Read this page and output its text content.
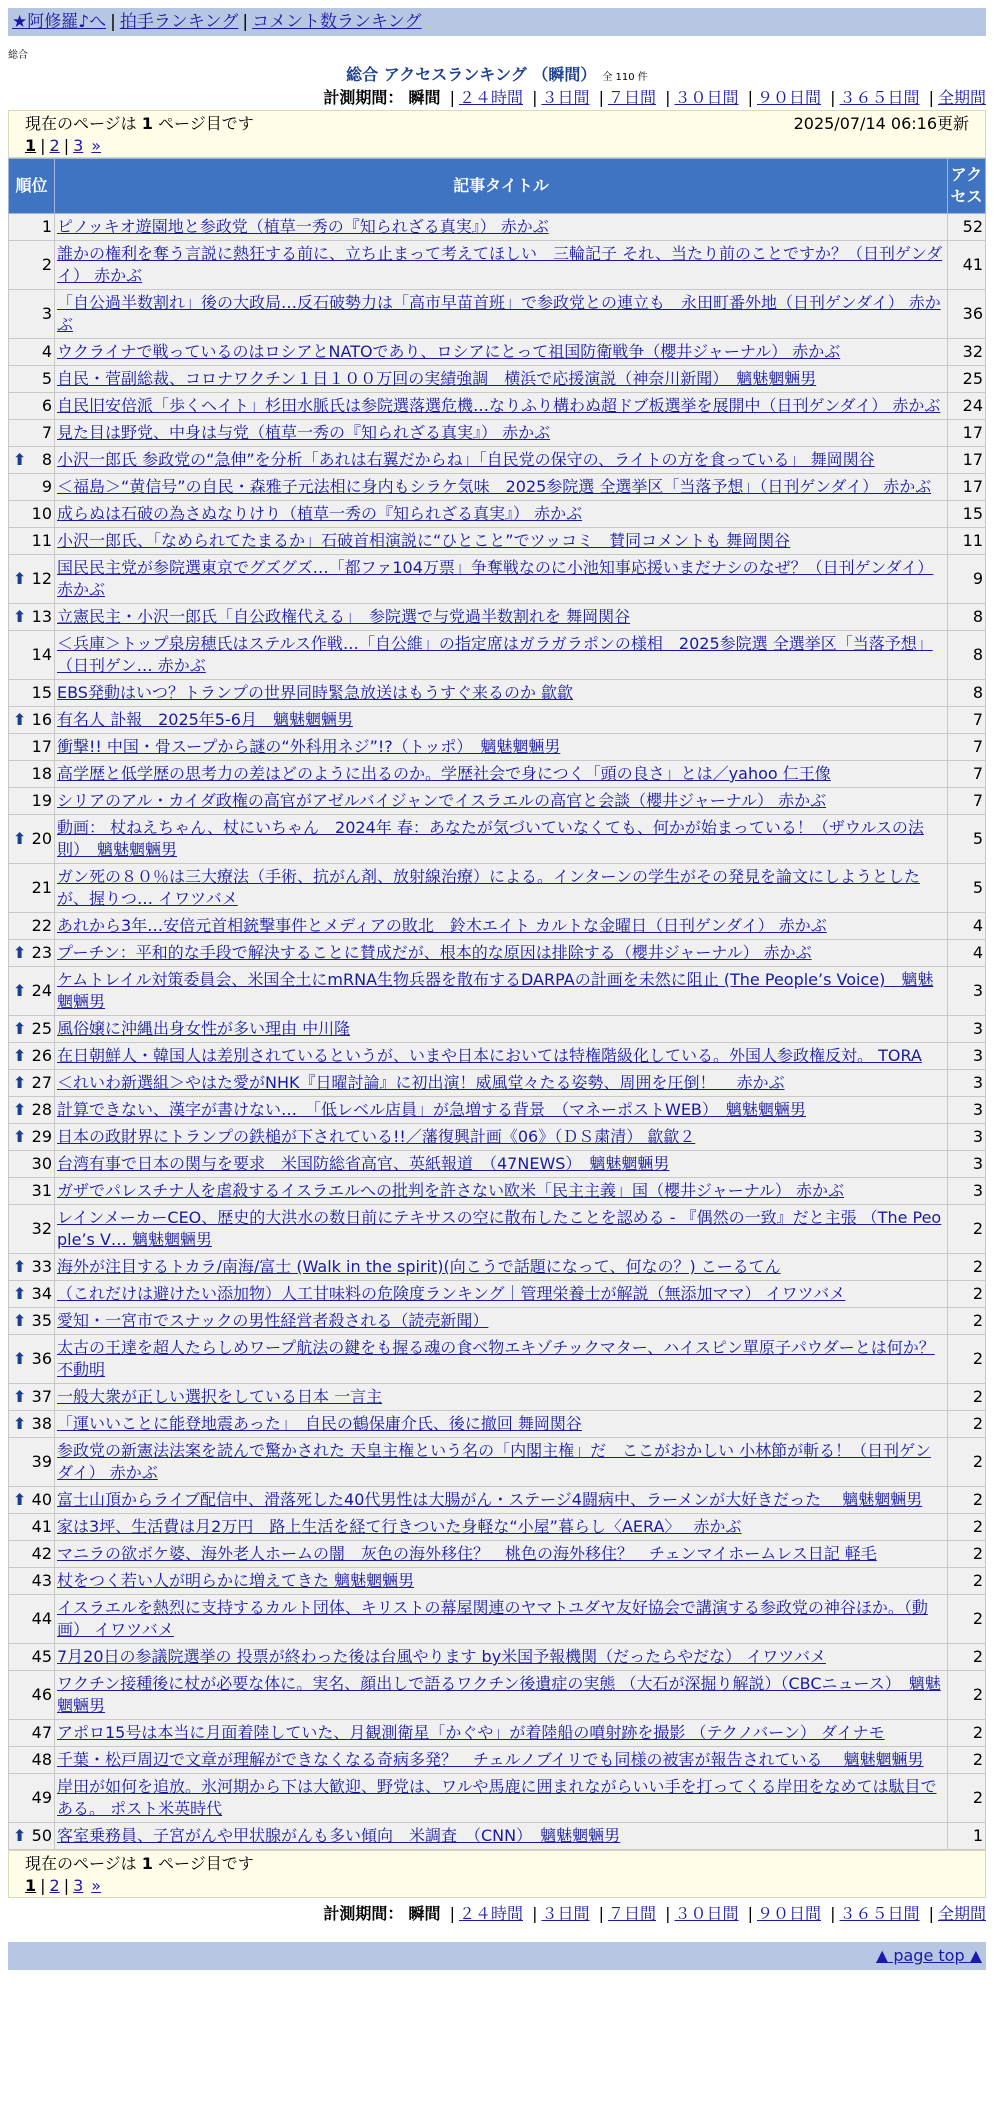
★阿修羅♪へ | 拍手ランキング | コメント数ランキング
総合
総合 アクセスランキング （瞬間） 全 110 件
計測期間： 瞬間 | ２４時間 | ３日間 | ７日間 | ３０日間 | ９０日間 | ３６５日間 | 全期間
現在のページは 1 ページ目です	2025/07/14 06:16更新
1 | 2 | 3 »
順位	記事タイトル	アクセス
1	ピノッキオ遊園地と参政党（植草一秀の『知られざる真実』） 赤かぶ	52
2	誰かの権利を奪う言説に熱狂する前に、立ち止まって考えてほしい　三輪記子 それ、当たり前のことですか？（日刊ゲンダイ） 赤かぶ	41
3	「自公過半数割れ」後の大政局…反石破勢力は「高市早苗首班」で参政党との連立も　永田町番外地（日刊ゲンダイ） 赤かぶ	36
4	ウクライナで戦っているのはロシアとNATOであり、ロシアにとって祖国防衛戦争（櫻井ジャーナル） 赤かぶ	32
5	自民・菅副総裁、コロナワクチン１日１００万回の実績強調　横浜で応援演説（神奈川新聞）　魑魅魍魎男	25
6	自民旧安倍派「歩くヘイト」杉田水脈氏は参院選落選危機…なりふり構わぬ超ドブ板選挙を展開中（日刊ゲンダイ） 赤かぶ	24
7	見た目は野党、中身は与党（植草一秀の『知られざる真実』） 赤かぶ	17

⬆ 8	小沢一郎氏 参政党の“急伸”を分析「あれは右翼だからね」「自民党の保守の、ライトの方を食っている」 舞岡関谷	17
9	＜福島＞“黄信号”の自民・森雅子元法相に身内もシラケ気味　2025参院選 全選挙区「当落予想」（日刊ゲンダイ） 赤かぶ	17
10	成らぬは石破の為さぬなりけり（植草一秀の『知られざる真実』） 赤かぶ	15
11	小沢一郎氏、「なめられてたまるか」石破首相演説に“ひとこと”でツッコミ　賛同コメントも 舞岡関谷	11

⬆ 12	国民民主党が参院選東京でグズグズ…「都ファ104万票」争奪戦なのに小池知事応援いまだナシのなぜ？（日刊ゲンダイ） 赤かぶ	9

⬆ 13	立憲民主・小沢一郎氏「自公政権代える」　参院選で与党過半数割れを 舞岡関谷	8
14	＜兵庫＞トップ泉房穂氏はステルス作戦…「自公維」の指定席はガラガラポンの様相　2025参院選 全選挙区「当落予想」（日刊ゲン… 赤かぶ	8
15	EBS発動はいつ？トランプの世界同時緊急放送はもうすぐ来るのか 歙歙	8

⬆ 16	有名人 訃報　2025年5-6月　魑魅魍魎男	7
17	衝撃!! 中国・骨スープから謎の“外科用ネジ”!?（トッポ）　魑魅魍魎男	7
18	高学歴と低学歴の思考力の差はどのように出るのか。学歴社会で身につく「頭の良さ」とは／yahoo 仁王像	7
19	シリアのアル・カイダ政権の高官がアゼルバイジャンでイスラエルの高官と会談（櫻井ジャーナル） 赤かぶ	7

⬆ 20	動画： 杖ねえちゃん、杖にいちゃん　2024年 春：あなたが気づいていなくても、何かが始まっている！（ザウルスの法則）　魑魅魍魎男	5
21	ガン死の８０％は三大療法（手術、抗がん剤、放射線治療）による。インターンの学生がその発見を論文にしようとしたが、握りつ… イワツバメ	5
22	あれから3年…安倍元首相銃撃事件とメディアの敗北　鈴木エイト カルトな金曜日（日刊ゲンダイ） 赤かぶ	4

⬆ 23	プーチン：平和的な手段で解決することに賛成だが、根本的な原因は排除する（櫻井ジャーナル） 赤かぶ	4

⬆ 24	ケムトレイル対策委員会、米国全土にmRNA生物兵器を散布するDARPAの計画を未然に阻止 (The People’s Voice)　魑魅魍魎男	3

⬆ 25	風俗嬢に沖縄出身女性が多い理由 中川隆	3

⬆ 26	在日朝鮮人・韓国人は差別されているというが、いまや日本においては特権階級化している。外国人参政権反対。 TORA	3

⬆ 27	＜れいわ新選組＞やはた愛がNHK『日曜討論』に初出演！威風堂々たる姿勢、周囲を圧倒！　 赤かぶ	3

⬆ 28	計算できない、漢字が書けない…　「低レベル店員」が急増する背景　（マネーポストWEB）　魑魅魍魎男	3

⬆ 29	日本の政財界にトランプの鉄槌が下されている!!／藩復興計画《06》（ＤＳ粛清） 歙歙２	3
30	台湾有事で日本の関与を要求　米国防総省高官、英紙報道　（47NEWS）　魑魅魍魎男	3
31	ガザでパレスチナ人を虐殺するイスラエルへの批判を許さない欧米「民主主義」国（櫻井ジャーナル） 赤かぶ	3
32	レインメーカーCEO、歴史的大洪水の数日前にテキサスの空に散布したことを認める - 『偶然の一致』だと主張 （The People’s V… 魑魅魍魎男	2

⬆ 33	海外が注目するトカラ/南海/富士 (Walk in the spirit)(向こうで話題になって、何なの？) こーるてん	2

⬆ 34	（これだけは避けたい添加物）人工甘味料の危険度ランキング｜管理栄養士が解説（無添加ママ） イワツバメ	2

⬆ 35	愛知・一宮市でスナックの男性経営者殺される（読売新聞）	2

⬆ 36	太古の王達を超人たらしめワープ航法の鍵をも握る魂の食べ物エキゾチックマター、ハイスピン單原子パウダーとは何か？ 不動明	2

⬆ 37	一般大衆が正しい選択をしている日本 一言主	2

⬆ 38	「運いいことに能登地震あった」　自民の鶴保庸介氏、後に撤回 舞岡関谷	2
39	参政党の新憲法法案を読んで驚かされた 天皇主権という名の「内閣主権」だ　ここがおかしい 小林節が斬る！（日刊ゲンダイ） 赤かぶ	2

⬆ 40	富士山頂からライブ配信中、滑落死した40代男性は大腸がん・ステージ4闘病中、ラーメンが大好きだった　 魑魅魍魎男	2
41	家は3坪、生活費は月2万円　路上生活を経て行きついた身軽な“小屋”暮らし〈AERA〉　 赤かぶ	2
42	マニラの欲ボケ婆、海外老人ホームの闇　灰色の海外移住？　桃色の海外移住？　チェンマイホームレス日記 軽毛	2
43	杖をつく若い人が明らかに増えてきた 魑魅魍魎男	2
44	イスラエルを熱烈に支持するカルト団体、キリストの幕屋関連のヤマトユダヤ友好協会で講演する参政党の神谷ほか。（動画） イワツバメ	2
45	7月20日の参議院選挙の 投票が終わった後は台風やります by米国予報機関（だったらやだな） イワツバメ	2
46	ワクチン接種後に杖が必要な体に。実名、顔出しで語るワクチン後遺症の実態 （大石が深掘り解説）（CBCニュース）　魑魅魍魎男	2
47	アポロ15号は本当に月面着陸していた、月観測衛星「かぐや」が着陸船の噴射跡を撮影 （テクノバーン） ダイナモ	2
48	千葉・松戸周辺で文章が理解ができなくなる奇病多発？　チェルノブイリでも同様の被害が報告されている　 魑魅魍魎男	2
49	岸田が如何を追放。氷河期から下は大歓迎、野党は、ワルや馬鹿に囲まれながらいい手を打ってくる岸田をなめては駄目である。 ポスト米英時代	2

⬆ 50	客室乗務員、子宮がんや甲状腺がんも多い傾向　米調査　（CNN）　魑魅魍魎男	1
現在のページは 1 ページ目です
1 | 2 | 3 »
計測期間： 瞬間 | ２４時間 | ３日間 | ７日間 | ３０日間 | ９０日間 | ３６５日間 | 全期間
▲ page top ▲
